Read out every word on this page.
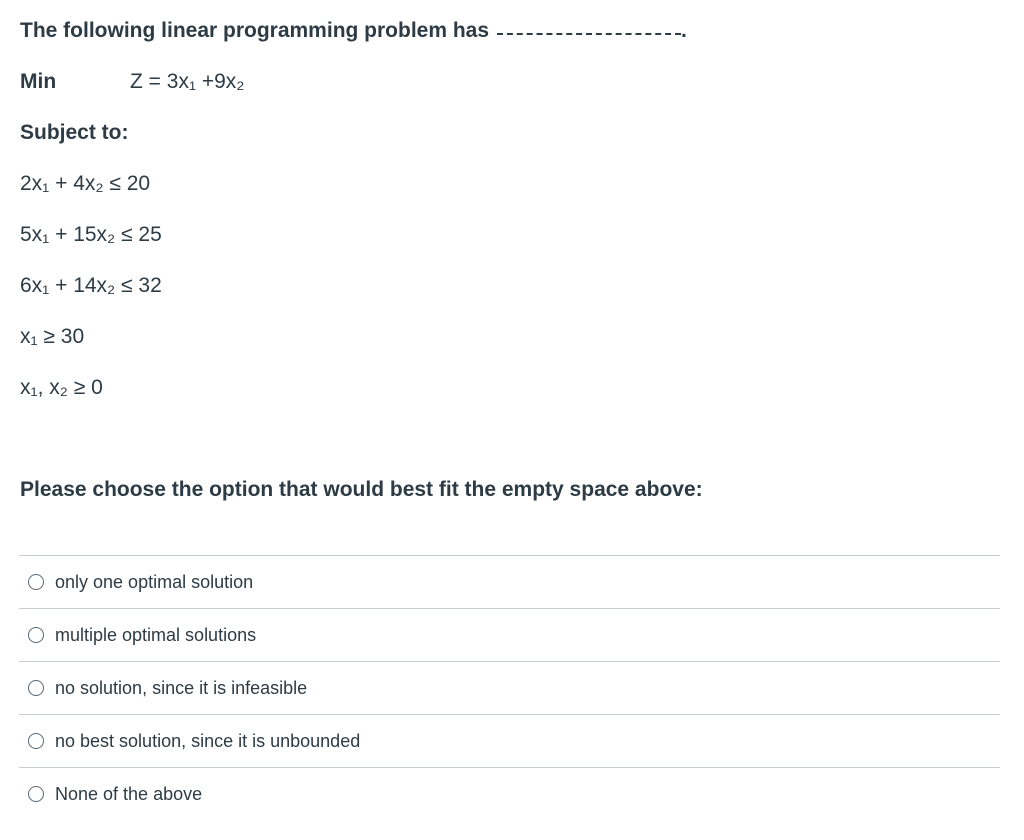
The following linear programming problem has	.
Min	Z = 3x₁ +9x₂
Subject to:
2x₁ + 4x₂ ≤ 20
5x₁ + 15x₂ ≤ 25
6x₁ + 14x₂ ≤ 32
x₁ ≥ 30
x₁, x₂ ≥ 0
Please choose the option that would best fit the empty space above:
only one optimal solution
multiple optimal solutions
no solution, since it is infeasible
no best solution, since it is unbounded
None of the above
